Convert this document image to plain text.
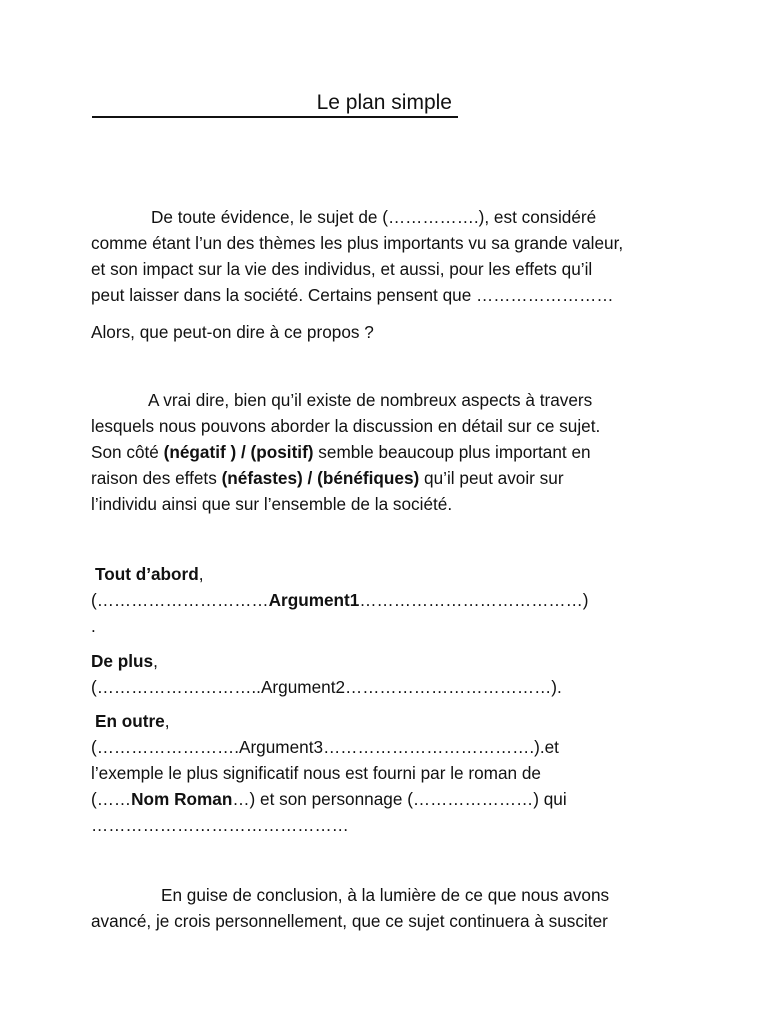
Le plan simple
De toute évidence, le sujet de (…………….), est considéré
comme étant l’un des thèmes les plus importants vu sa grande valeur,
et son impact sur la vie des individus, et aussi, pour les effets qu’il
peut laisser dans la société. Certains pensent que ……………………
Alors, que peut-on dire à ce propos ?
A vrai dire, bien qu’il existe de nombreux aspects à travers
lesquels nous pouvons aborder la discussion en détail sur ce sujet.
Son côté (négatif ) / (positif) semble beaucoup plus important en
raison des effets (néfastes) / (bénéfiques) qu’il peut avoir sur
l’individu ainsi que sur l’ensemble de la société.
Tout d’abord,
(…………………………Argument1…………………………………)
.
De plus,
(………………………..Argument2………………………………).
En outre,
(…………………….Argument3……………………………….).et
l’exemple le plus significatif nous est fourni par le roman de
(……Nom Roman…) et son personnage (…………………) qui
………………………………………
En guise de conclusion, à la lumière de ce que nous avons
avancé, je crois personnellement, que ce sujet continuera à susciter
